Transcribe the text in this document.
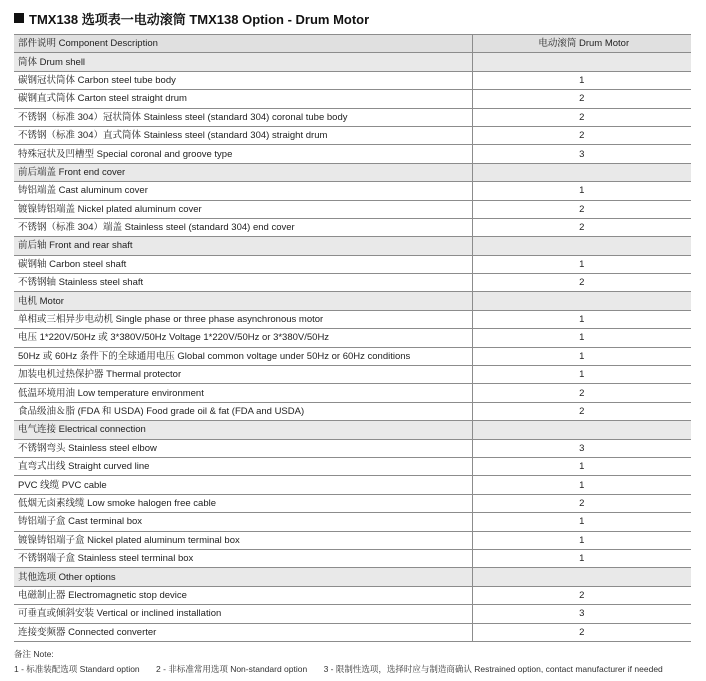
TMX138 选项表一电动滚筒 TMX138 Option - Drum Motor
部件说明 Component Description	电动滚筒 Drum Motor
筒体 Drum shell	
碳钢冠状筒体 Carbon steel tube body	1
碳钢直式筒体 Carton steel straight drum	2
不锈钢（标准 304）冠状筒体 Stainless steel (standard 304) coronal tube body	2
不锈钢（标准 304）直式筒体 Stainless steel (standard 304) straight drum	2
特殊冠状及凹槽型 Special coronal and groove type	3
前后端盖 Front end cover	
铸铝端盖 Cast aluminum cover	1
镀镍铸铝端盖 Nickel plated aluminum cover	2
不锈钢（标准 304）端盖 Stainless steel (standard 304) end cover	2
前后轴 Front and rear shaft	
碳钢轴 Carbon steel shaft	1
不锈钢轴 Stainless steel shaft	2
电机 Motor	
单相或三相异步电动机 Single phase or three phase asynchronous motor	1
电压 1*220V/50Hz 或 3*380V/50Hz Voltage 1*220V/50Hz or 3*380V/50Hz	1
50Hz 或 60Hz 条件下的全球通用电压 Global common voltage under 50Hz or 60Hz conditions	1
加装电机过热保护器 Thermal protector	1
低温环境用油 Low temperature environment	2
食品级油＆脂 (FDA 和 USDA) Food grade oil & fat (FDA and USDA)	2
电气连接 Electrical connection	
不锈钢弯头 Stainless steel elbow	3
直弯式出线 Straight curved line	1
PVC 线缆 PVC cable	1
低烟无卤素线缆 Low smoke halogen free cable	2
铸铝端子盒 Cast terminal box	1
镀镍铸铝端子盒 Nickel plated aluminum terminal box	1
不锈钢端子盒 Stainless steel terminal box	1
其他选项 Other options	
电磁制止器 Electromagnetic stop device	2
可垂直或倾斜安装 Vertical or inclined installation	3
连接变频器 Connected converter	2
备注 Note:
1 - 标准装配选项 Standard option 2 - 非标准常用选项 Non-standard option 3 - 限制性选项，选择时应与制造商确认 Restrained option, contact manufacturer if needed
